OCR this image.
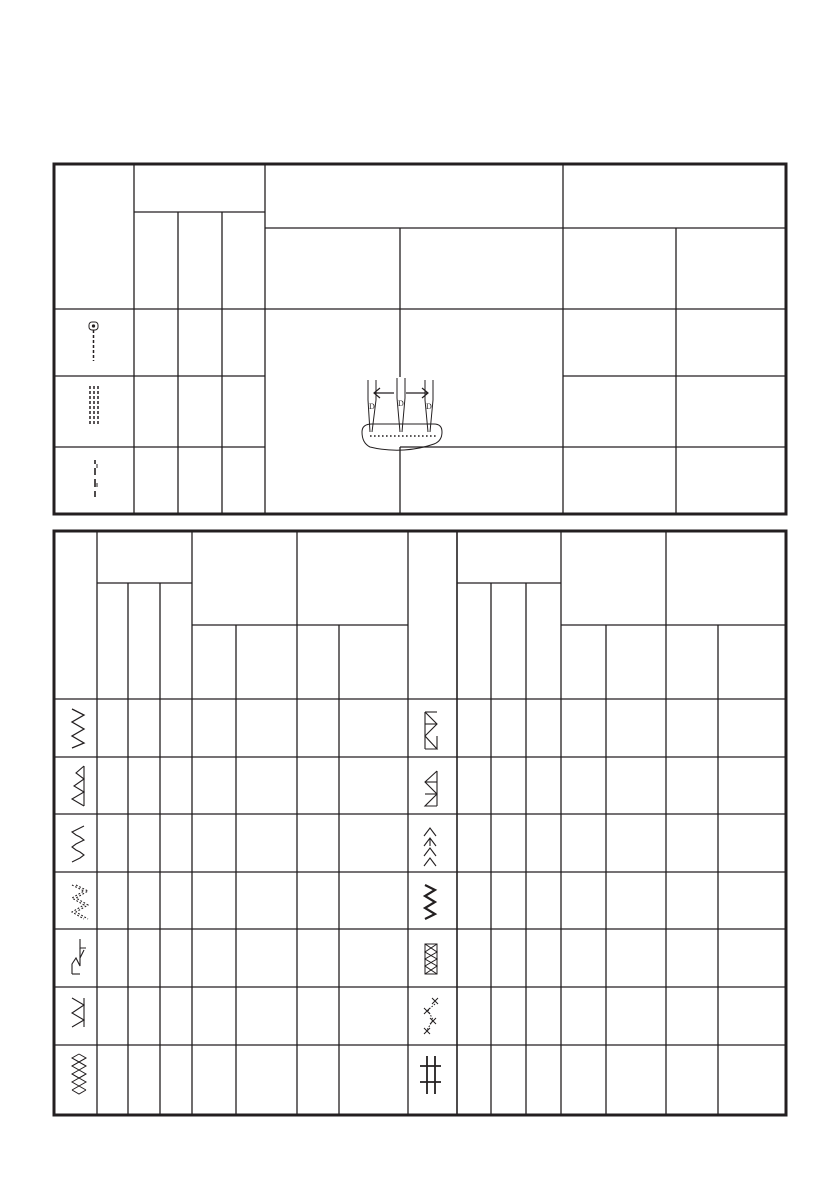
D	D	D
